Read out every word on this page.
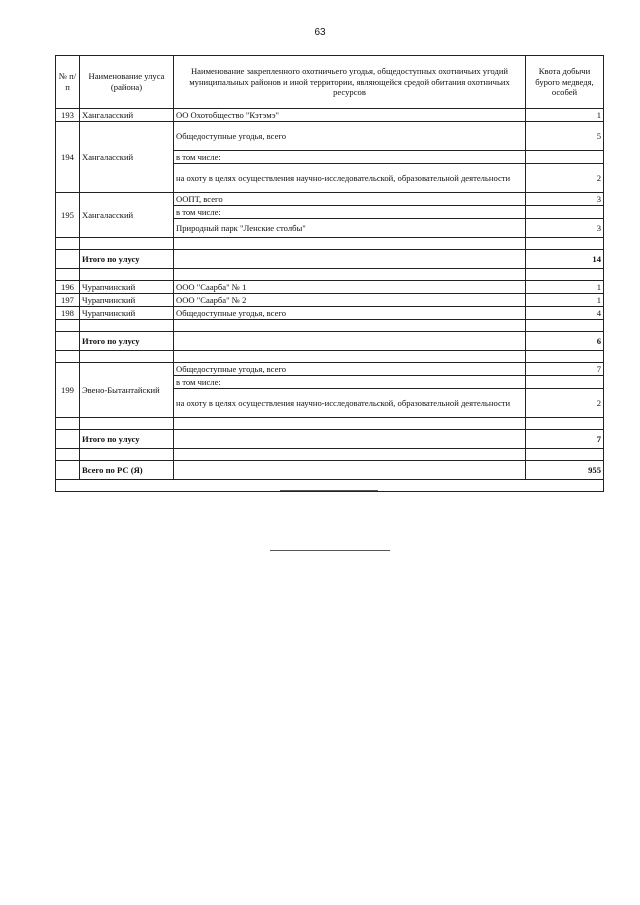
63
№ п/п	Наименование улуса (района)	Наименование закрепленного охотничьего угодья, общедоступных охотничьих угодий муниципальных районов и иной территории, являющейся средой обитания охотничьих ресурсов	Квота добычи бурого медведя, особей
193	Хангаласский	ОО Охотобщество "Кэтэмэ"	1
194	Хангаласский	Общедоступные угодья, всего	5
		в том числе:	
		на охоту в целях осуществления научно-исследовательской, образовательной деятельности	2
195	Хангаласский	ООПТ, всего	3
		в том числе:	
		Природный парк "Ленские столбы"	3

	Итого по улусу		14

196	Чурапчинский	ООО "Саарба" № 1	1
197	Чурапчинский	ООО "Саарба" № 2	1
198	Чурапчинский	Общедоступные угодья, всего	4

	Итого по улусу		6

199	Эвено-Бытантайский	Общедоступные угодья, всего	7
		в том числе:	
		на охоту в целях осуществления научно-исследовательской, образовательной деятельности	2

	Итого по улусу		7

	Всего по РС (Я)		955
